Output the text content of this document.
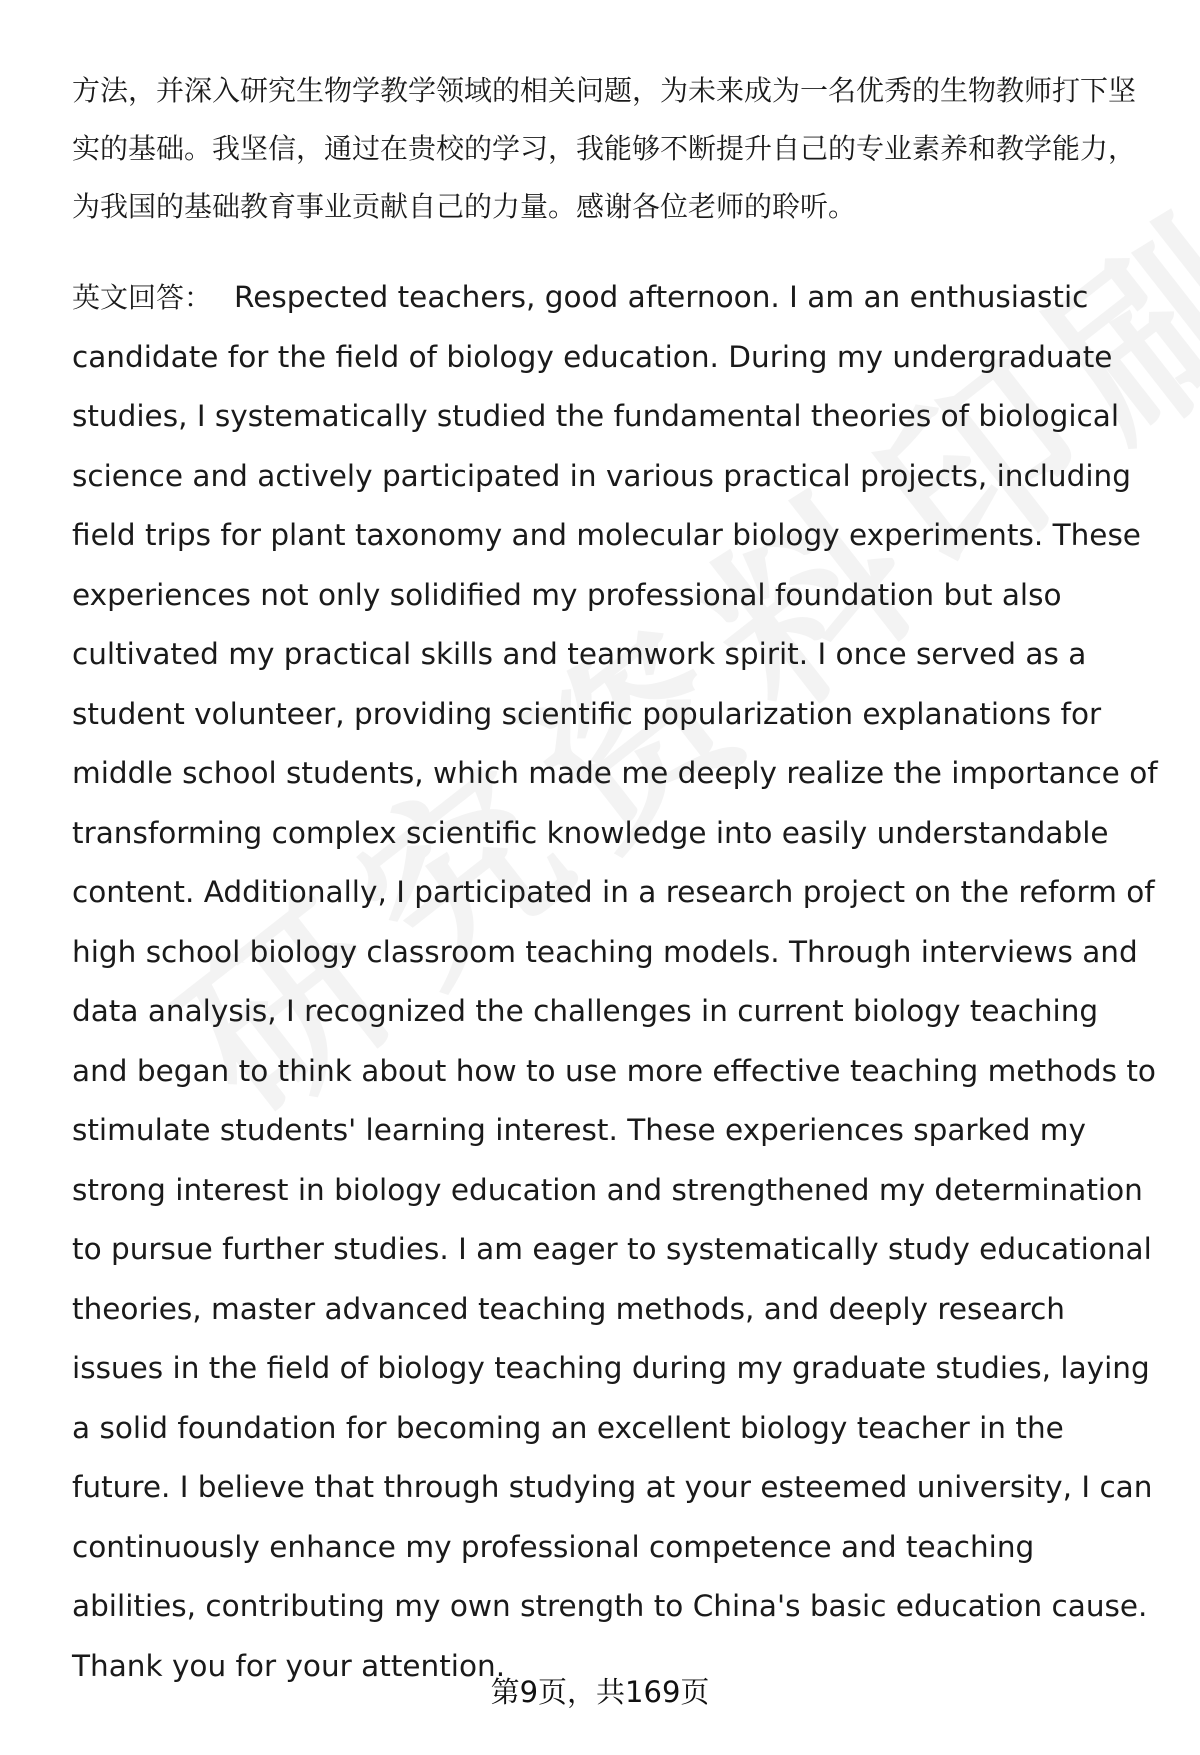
方法，并深入研究生物学教学领域的相关问题，为未来成为一名优秀的生物教师打下坚实的基础。我坚信，通过在贵校的学习，我能够不断提升自己的专业素养和教学能力，为我国的基础教育事业贡献自己的力量。感谢各位老师的聆听。

英文回答： Respected teachers, good afternoon. I am an enthusiastic candidate for the field of biology education. During my undergraduate studies, I systematically studied the fundamental theories of biological science and actively participated in various practical projects, including field trips for plant taxonomy and molecular biology experiments. These experiences not only solidified my professional foundation but also cultivated my practical skills and teamwork spirit. I once served as a student volunteer, providing scientific popularization explanations for middle school students, which made me deeply realize the importance of transforming complex scientific knowledge into easily understandable content. Additionally, I participated in a research project on the reform of high school biology classroom teaching models. Through interviews and data analysis, I recognized the challenges in current biology teaching and began to think about how to use more effective teaching methods to stimulate students' learning interest. These experiences sparked my strong interest in biology education and strengthened my determination to pursue further studies. I am eager to systematically study educational theories, master advanced teaching methods, and deeply research issues in the field of biology teaching during my graduate studies, laying a solid foundation for becoming an excellent biology teacher in the future. I believe that through studying at your esteemed university, I can continuously enhance my professional competence and teaching abilities, contributing my own strength to China's basic education cause. Thank you for your attention.

第9页，共169页
